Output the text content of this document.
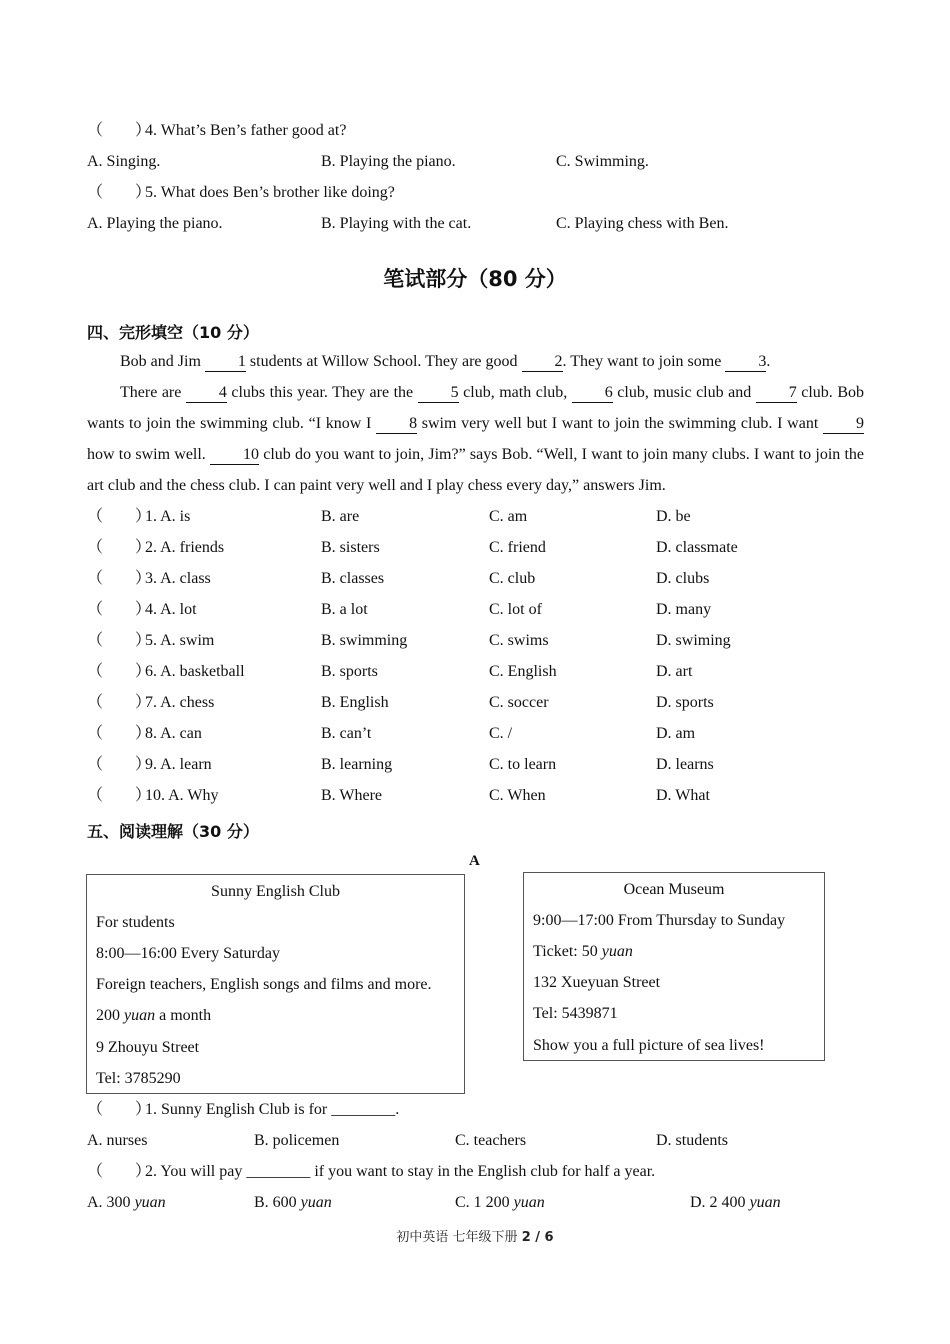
（　　）4. What’s Ben’s father good at?
A. Singing.	B. Playing the piano.	C. Swimming.
（　　）5. What does Ben’s brother like doing?
A. Playing the piano.	B. Playing with the cat.	C. Playing chess with Ben.
笔试部分（80 分）
四、完形填空（10 分）
Bob and Jim 1 students at Willow School. They are good 2. They want to join some 3.
There are 4 clubs this year. They are the 5 club, math club, 6 club, music club and 7 club. Bob wants to join the swimming club. “I know I 8 swim very well but I want to join the swimming club. I want 9 how to swim well. 10 club do you want to join, Jim?” says Bob. “Well, I want to join many clubs. I want to join the art club and the chess club. I can paint very well and I play chess every day,” answers Jim.
（　　）1. A. is	B. are	C. am	D. be
（　　）2. A. friends	B. sisters	C. friend	D. classmate
（　　）3. A. class	B. classes	C. club	D. clubs
（　　）4. A. lot	B. a lot	C. lot of	D. many
（　　）5. A. swim	B. swimming	C. swims	D. swiming
（　　）6. A. basketball	B. sports	C. English	D. art
（　　）7. A. chess	B. English	C. soccer	D. sports
（　　）8. A. can	B. can’t	C. /	D. am
（　　）9. A. learn	B. learning	C. to learn	D. learns
（　　）10. A. Why	B. Where	C. When	D. What
五、阅读理解（30 分）
A
Sunny English Club
For students
8:00—16:00 Every Saturday
Foreign teachers, English songs and films and more.
200 yuan a month
9 Zhouyu Street
Tel: 3785290
Ocean Museum
9:00—17:00 From Thursday to Sunday
Ticket: 50 yuan
132 Xueyuan Street
Tel: 5439871
Show you a full picture of sea lives!
（　　）1. Sunny English Club is for ________.
A. nurses	B. policemen	C. teachers	D. students
（　　）2. You will pay ________ if you want to stay in the English club for half a year.
A. 300 yuan	B. 600 yuan	C. 1 200 yuan	D. 2 400 yuan
初中英语 七年级下册 2 / 6
